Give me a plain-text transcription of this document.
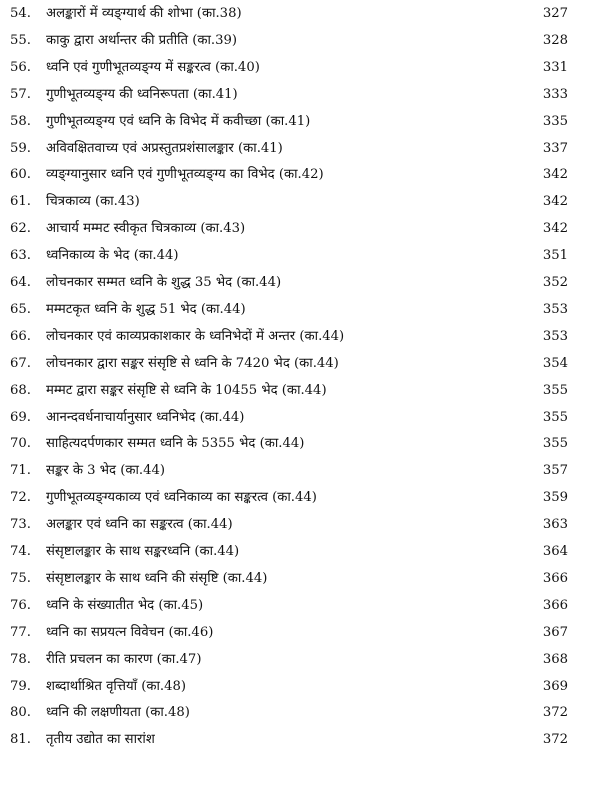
54. अलङ्कारों में व्यङ्ग्यार्थ की शोभा (का.38)	327
55. काकु द्वारा अर्थान्तर की प्रतीति (का.39)	328
56. ध्वनि एवं गुणीभूतव्यङ्ग्य में सङ्करत्व (का.40)	331
57. गुणीभूतव्यङ्ग्य की ध्वनिरूपता (का.41)	333
58. गुणीभूतव्यङ्ग्य एवं ध्वनि के विभेद में कवीच्छा (का.41)	335
59. अविवक्षितवाच्य एवं अप्रस्तुतप्रशंसालङ्कार (का.41)	337
60. व्यङ्ग्यानुसार ध्वनि एवं गुणीभूतव्यङ्ग्य का विभेद (का.42)	342
61. चित्रकाव्य (का.43)	342
62. आचार्य मम्मट स्वीकृत चित्रकाव्य (का.43)	342
63. ध्वनिकाव्य के भेद (का.44)	351
64. लोचनकार सम्मत ध्वनि के शुद्ध 35 भेद (का.44)	352
65. मम्मटकृत ध्वनि के शुद्ध 51 भेद (का.44)	353
66. लोचनकार एवं काव्यप्रकाशकार के ध्वनिभेदों में अन्तर (का.44)	353
67. लोचनकार द्वारा सङ्कर संसृष्टि से ध्वनि के 7420 भेद (का.44)	354
68. मम्मट द्वारा सङ्कर संसृष्टि से ध्वनि के 10455 भेद (का.44)	355
69. आनन्दवर्धनाचार्यानुसार ध्वनिभेद (का.44)	355
70. साहित्यदर्पणकार सम्मत ध्वनि के 5355 भेद (का.44)	355
71. सङ्कर के 3 भेद (का.44)	357
72. गुणीभूतव्यङ्ग्यकाव्य एवं ध्वनिकाव्य का सङ्करत्व (का.44)	359
73. अलङ्कार एवं ध्वनि का सङ्करत्व (का.44)	363
74. संसृष्टालङ्कार के साथ सङ्करध्वनि (का.44)	364
75. संसृष्टालङ्कार के साथ ध्वनि की संसृष्टि (का.44)	366
76. ध्वनि के संख्यातीत भेद (का.45)	366
77. ध्वनि का सप्रयत्न विवेचन (का.46)	367
78. रीति प्रचलन का कारण (का.47)	368
79. शब्दार्थाश्रित वृत्तियाँ (का.48)	369
80. ध्वनि की लक्षणीयता (का.48)	372
81. तृतीय उद्योत का सारांश	372
